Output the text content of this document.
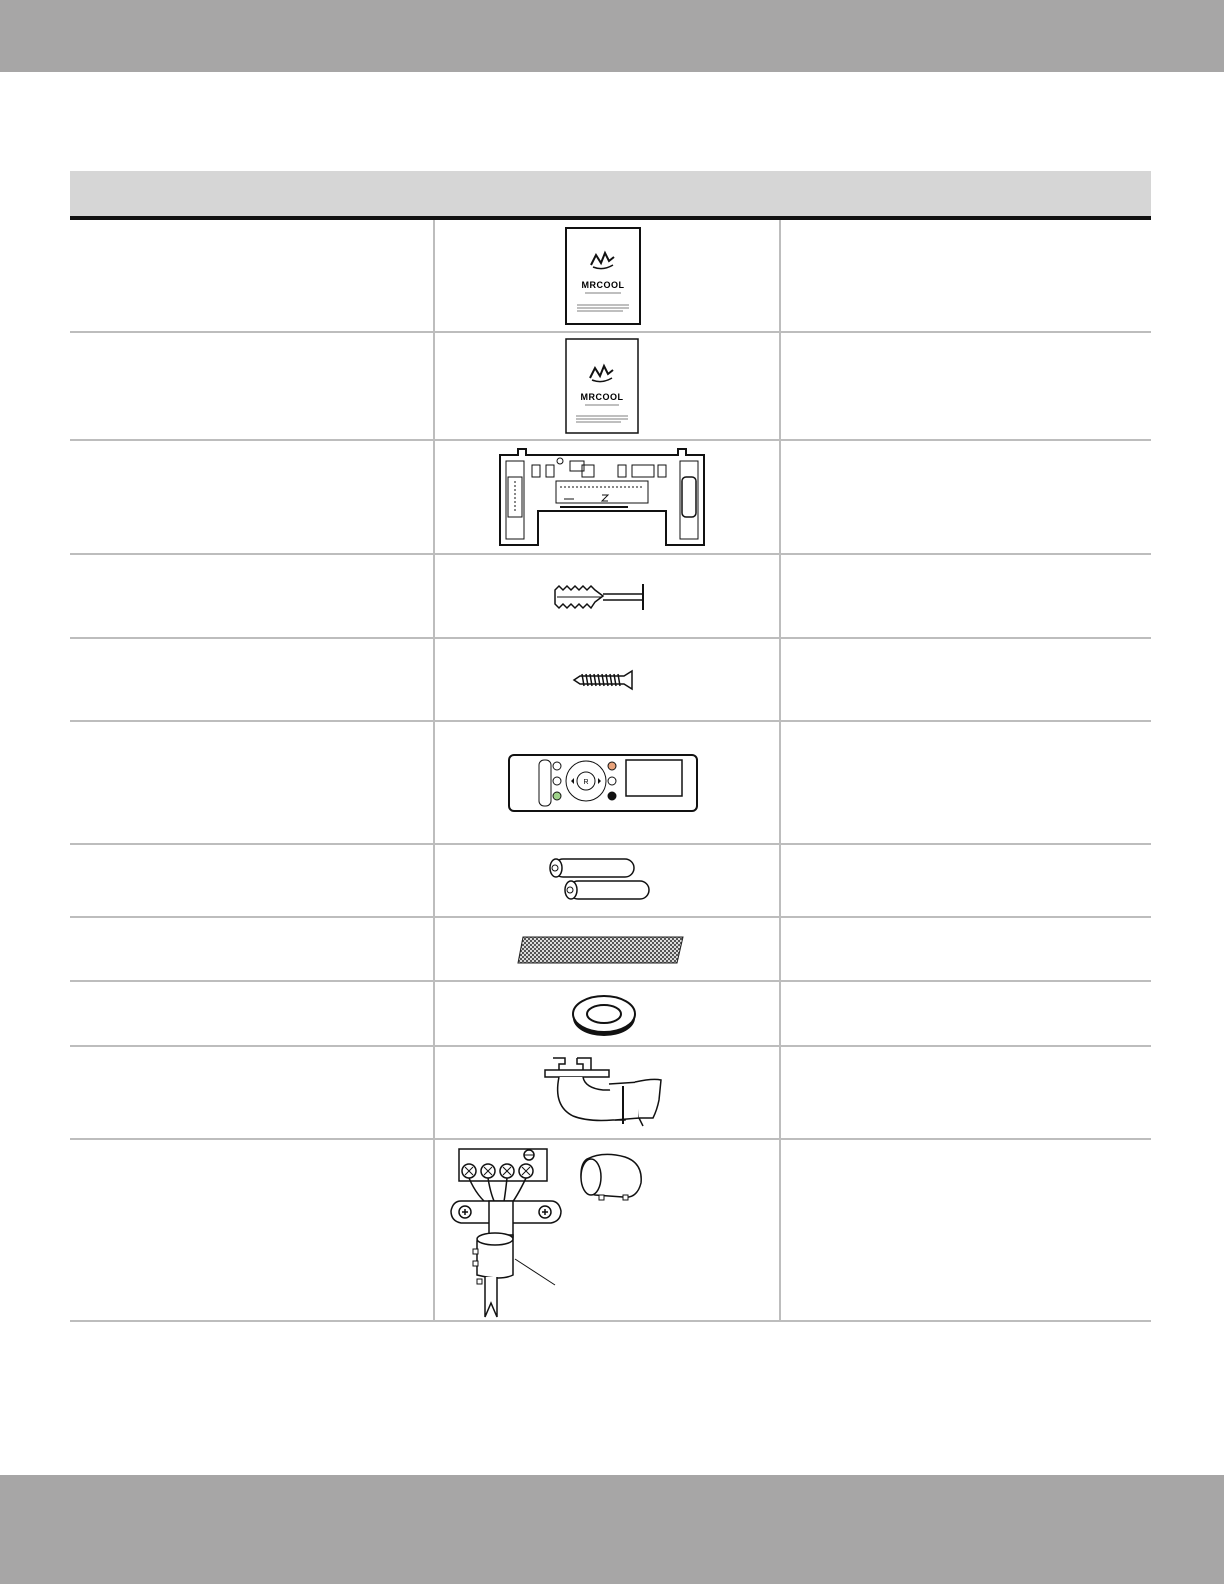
MRCOOL
MRCOOL
R
